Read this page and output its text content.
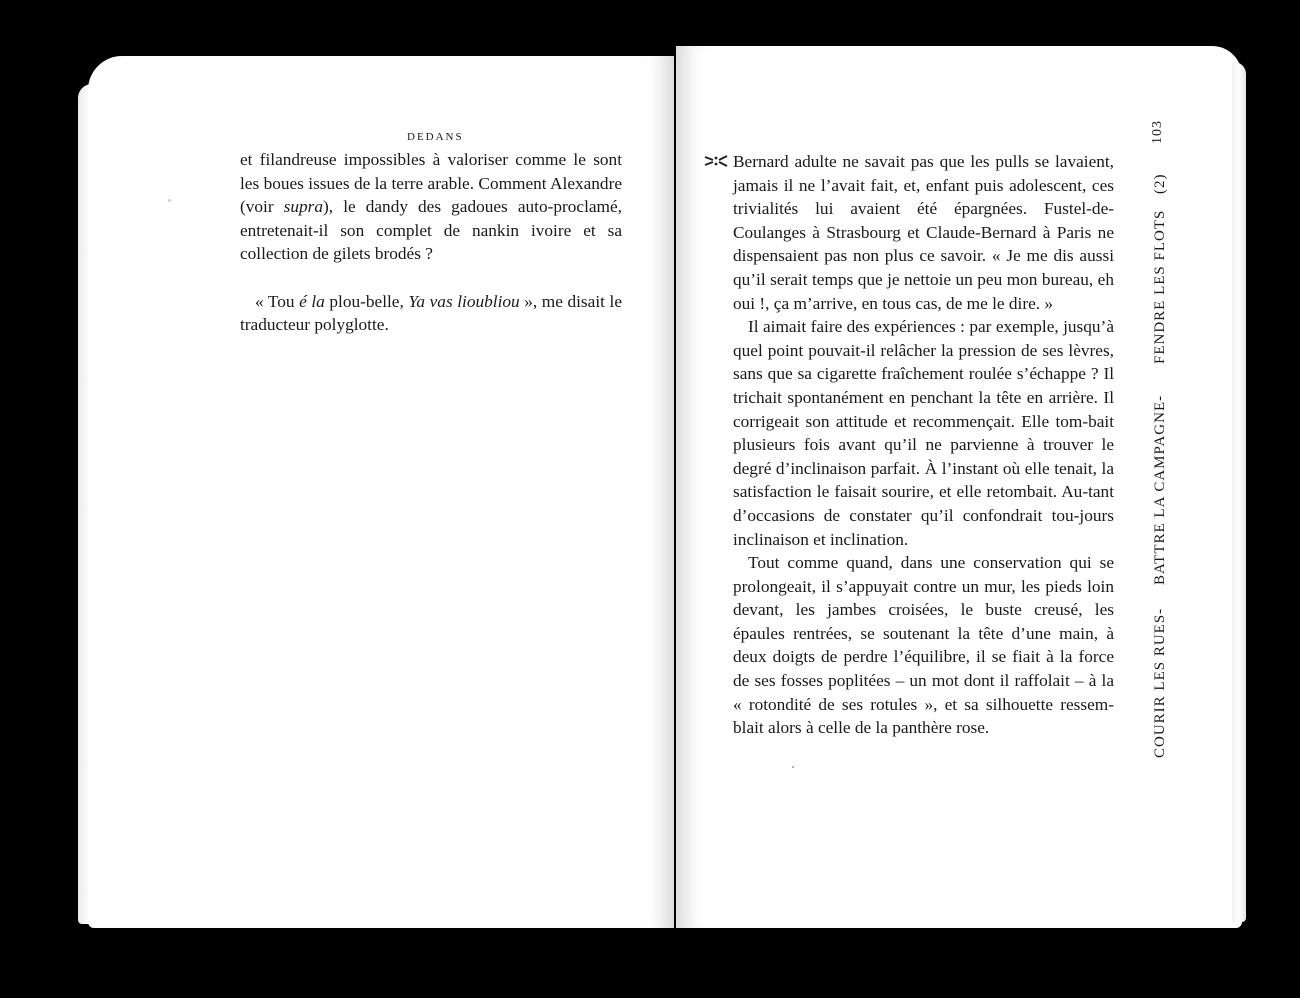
DEDANS

et filandreuse impossibles à valoriser comme le sont les boues issues de la terre arable. Comment Alexandre (voir supra), le dandy des gadoues auto-proclamé, entretenait-il son complet de nankin ivoire et sa collection de gilets brodés ?

« Tou é la plou-belle, Ya vas lioubliou », me disait le traducteur polyglotte.

Bernard adulte ne savait pas que les pulls se lavaient, jamais il ne l’avait fait, et, enfant puis adolescent, ces trivialités lui avaient été épargnées. Fustel-de-Coulanges à Strasbourg et Claude-Bernard à Paris ne dispensaient pas non plus ce savoir. « Je me dis aussi qu’il serait temps que je nettoie un peu mon bureau, eh oui !, ça m’arrive, en tous cas, de me le dire. »

Il aimait faire des expériences : par exemple, jusqu’à quel point pouvait-il relâcher la pression de ses lèvres, sans que sa cigarette fraîchement roulée s’échappe ? Il trichait spontanément en penchant la tête en arrière. Il corrigeait son attitude et recommençait. Elle tom-bait plusieurs fois avant qu’il ne parvienne à trouver le degré d’inclinaison parfait. À l’instant où elle tenait, la satisfaction le faisait sourire, et elle retombait. Au-tant d’occasions de constater qu’il confondrait tou-jours inclinaison et inclination.

Tout comme quand, dans une conservation qui se prolongeait, il s’appuyait contre un mur, les pieds loin devant, les jambes croisées, le buste creusé, les épaules rentrées, se soutenant la tête d’une main, à deux doigts de perdre l’équilibre, il se fiait à la force de ses fosses poplitées – un mot dont il raffolait – à la « rotondité de ses rotules », et sa silhouette ressem-blait alors à celle de la panthère rose.	COURIR LES RUES-
BATTRE LA CAMPAGNE-
FENDRE LES FLOTS
(2)
103
